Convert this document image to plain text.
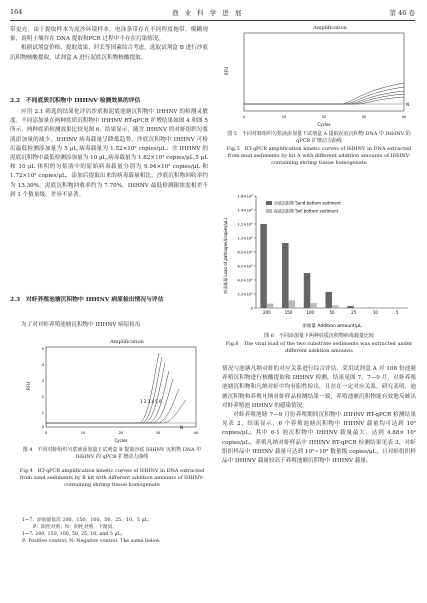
164	渔 业 科 学 进 展	第 46 卷

带更充，由于提取样本为泥沙环境样本，电泳条带存在不同程度拖带、模糊现象，说明土壤存在 DNA 提取和PCR 过程中不存在污染情况。

根据试剂盒价格、提取效果、时长等因素综合考虑，选取试剂盒 B 进行沙底沉积物核酸提取，试剂盒 A 进行泥底沉积物核酸提取。

2.2　不同底质沉积物中 IHHNV 检测效果的评估

应用 2.1 筛选的结果化评估沙底和泥底池塘沉积物中 IHHNV 的检测灵敏度。不同添加量在两种底质沉积物中 IHHNV RT-qPCR 扩增结果如图 4 和图 5 所示，两种底质检测效果比较见图 6。结果显示，随含 IHHNV 的对虾组织匀浆液添加量的减少，IHHNV 病毒载量呈降低趋势，沙底沉积物中 IHHNV 可检出最低检测添加量为 5 μL,病毒载量为 1.52×10² copies/μL；含 IHHNV 的泥底沉积物中最低检测添加量为 10 μL,病毒载量为 1.82×10² copies/μL,5 μL 和 10 μL 体积的匀浆液中的原始病毒载量分别为 9.94×10² copies/μL 和 1.72×10³ copies/μL，添加后提取出来的病毒载量相比，沙底沉积物回收率约为 15.30%，泥底沉积物回收率约为 7.70%。IHHNV 最低检测限浓度相差不到 1 个数量级，差异不显著。

2.3　对虾养殖池塘沉积物中 IHHNV 病原检出情况与评估
为了对对虾养殖池塘沉积物中 IHHNV 病原检出
Amplification
N
1 2 3 4 5 6
RFU
5
4
3
2
1
0
0	10	20	30	40
Cycles
图 4　不同对虾组织匀浆液添加量下试剂盒 B 提取沙底 IHHNV 沉积物 DNA 中 IHHNV 的 qPCR 扩增动力曲线
Fig.4　RT-qPCR amplification kinetic curves of IHHNV in DNA extracted from sand sediments by B kit with different addition amounts of IHHNV-containing shrimp tissue homogenate
1~7：添加量依次 200、150、100、50、25、10、5 μL；
P：阳性对照；N：阴性对照，下图同。
1~7: 200, 150, 100, 50, 25, 10, and 5 μL;
P: Positive control; N: Negative control. The same below.
Amplification
N
RFU
0	10	20	30	40
Cycles
图 5　不同对虾组织匀浆液添加量下试剂盒 A 提取泥底沉积物 DNA 中 IHHNV 的 qPCR 扩增动力曲线
Fig.5　RT-qPCR amplification kinetic curves of IHHNV in DNA extracted from mud sediments by kit A with different addition amounts of IHHNV-containing shrimp tissue homogenate
病毒载量 Load of pathogen/(copies/μL)
添加量 Addition amount/μL
1.6×10⁶
1.4×10⁶
1.2×10⁶
1.0×10⁶
8.0×10⁵
6.0×10⁵
4.0×10⁵
2.0×10⁵
0
200	150	100	50	25	10	5
沙底沉积物 Sand bottom sediment
泥底沉积物 Soil bottom sediment
图 6　不同添加量下两种底质沉积物病毒载量比较
Fig.6　The viral load of the two substrate sediments was extracted under different addition amounts

情况与池塘凡纳对虾的对应关系进行综合评估，采用试剂盒 A 对 108 份池塘养殖沉积物进行核酸提取和 IHHNV 检测，结果见图 7。7—9 月，对虾养殖池塘沉积物和凡纳对虾中均有阳性检出，且存在一定对应关系。研究表明，池塘沉积物和养殖凡纳对虾样品检测结果一致，养殖池塘沉积物能有效地反映出对虾养殖池 IHHNV 的感染情况。

对虾养殖池塘 7—9 月份养殖期间沉积物中 IHHNV RT-qPCR 检测结果见表 2，结果显示，6 个养殖池塘沉积物中 IHHNV 载量均可达到 10² copies/μL；其中 6-1 池沉积物中 IHHNV 载量最大，达到 4.88× 10² copies/μL，养殖凡纳对虾样品中 IHHNV RT-qPCR 检测结果见表 3，对虾组织样品中 IHHNV 载量可达到 10²~10³ 数量级 copies/μL，且对虾组织样品中 IHHNV 载量较高于养殖池塘沉积物中 IHHNV 载量。
